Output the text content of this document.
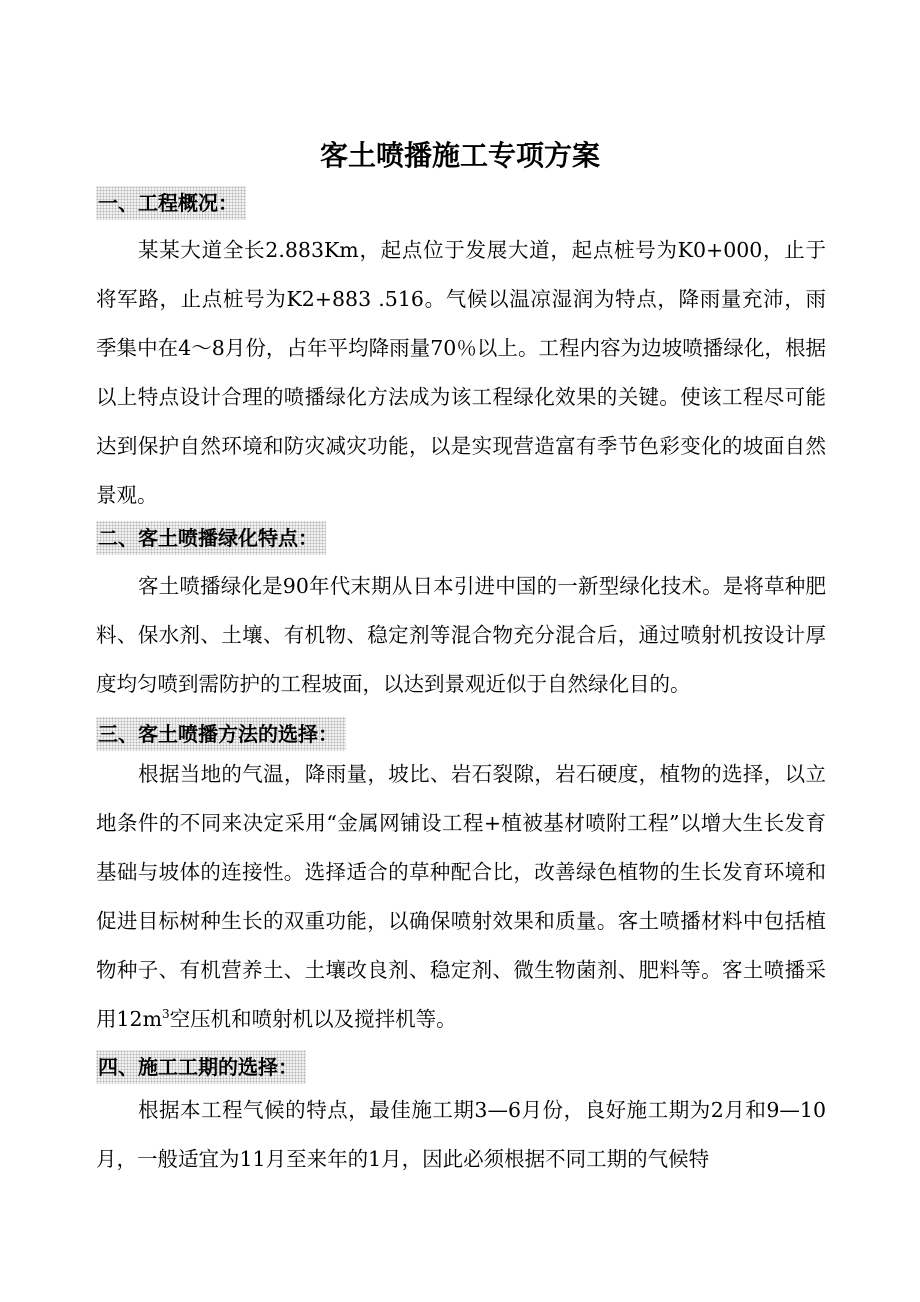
客土喷播施工专项方案
一、工程概况：

某某大道全长2.883Km，起点位于发展大道，起点桩号为K0+000，止于将军路，止点桩号为K2+883 .516。气候以温凉湿润为特点，降雨量充沛，雨季集中在4～8月份，占年平均降雨量70％以上。工程内容为边坡喷播绿化，根据以上特点设计合理的喷播绿化方法成为该工程绿化效果的关键。使该工程尽可能达到保护自然环境和防灾减灾功能，以是实现营造富有季节色彩变化的坡面自然景观。

二、客土喷播绿化特点：

客土喷播绿化是90年代末期从日本引进中国的一新型绿化技术。是将草种肥料、保水剂、土壤、有机物、稳定剂等混合物充分混合后，通过喷射机按设计厚度均匀喷到需防护的工程坡面，以达到景观近似于自然绿化目的。

三、客土喷播方法的选择：

根据当地的气温，降雨量，坡比、岩石裂隙，岩石硬度，植物的选择，以立地条件的不同来决定采用“金属网铺设工程+植被基材喷附工程”以增大生长发育基础与坡体的连接性。选择适合的草种配合比，改善绿色植物的生长发育环境和促进目标树种生长的双重功能，以确保喷射效果和质量。客土喷播材料中包括植物种子、有机营养土、土壤改良剂、稳定剂、微生物菌剂、肥料等。客土喷播采用$12m^3$空压机和喷射机以及搅拌机等。

四、施工工期的选择：

根据本工程气候的特点，最佳施工期3—6月份，良好施工期为2月和9—10月，一般适宜为11月至来年的1月，因此必须根据不同工期的气候特
